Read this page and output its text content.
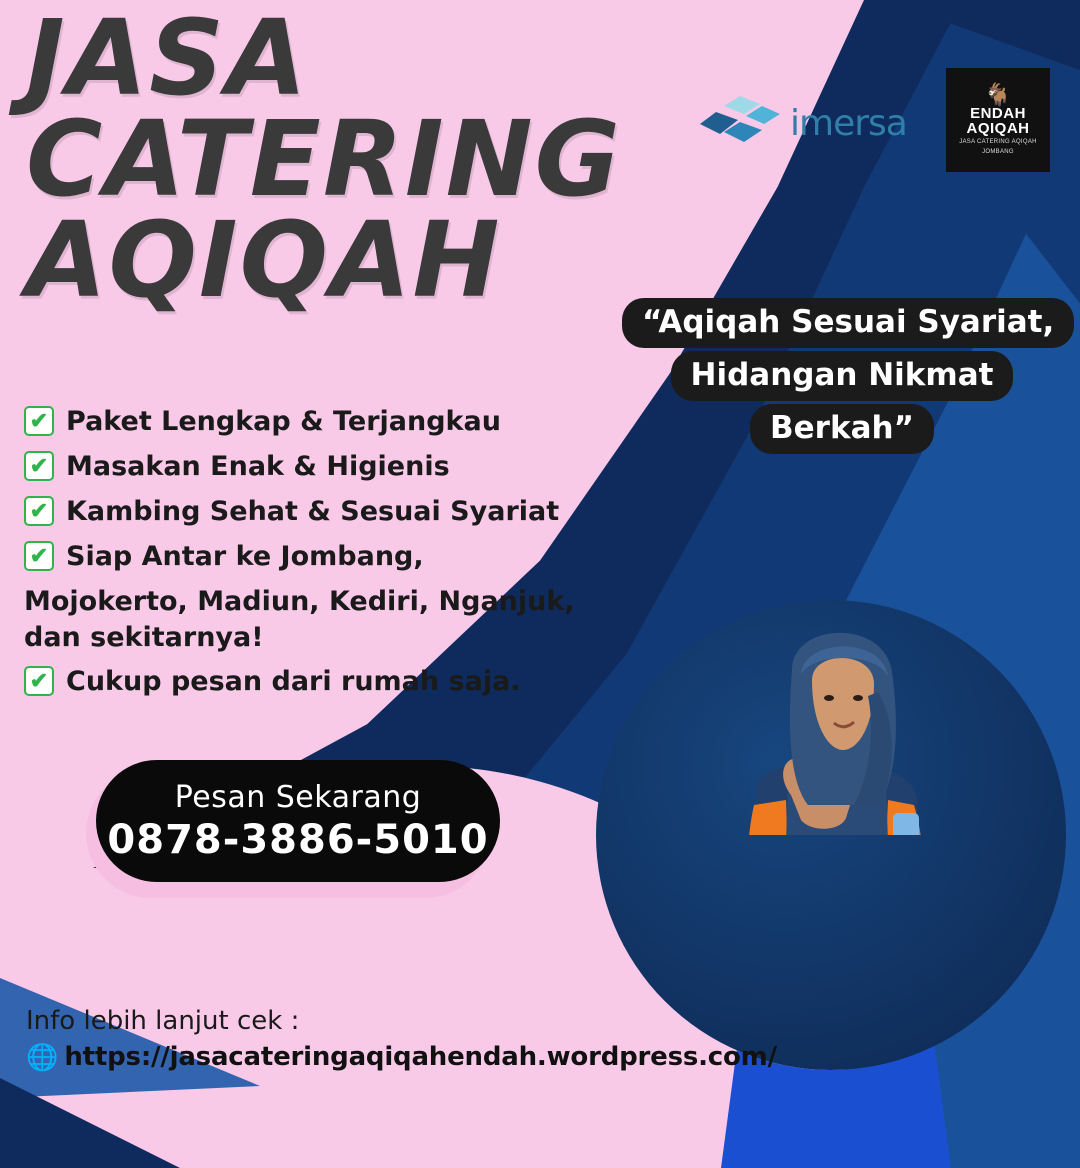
JASA
CATERING
AQIQAH
imersa
🐐
ENDAH
AQIQAH
JASA CATERING AQIQAH
JOMBANG
“Aqiqah Sesuai Syariat, Hidangan Nikmat Berkah”
✔ Paket Lengkap & Terjangkau
✔ Masakan Enak & Higienis
✔ Kambing Sehat & Sesuai Syariat
✔ Siap Antar ke Jombang,
Mojokerto, Madiun, Kediri, Nganjuk,
dan sekitarnya!
✔ Cukup pesan dari rumah saja.
Pesan Sekarang
0878-3886-5010
Info lebih lanjut cek :
🌐 https://jasacateringaqiqahendah.wordpress.com/
